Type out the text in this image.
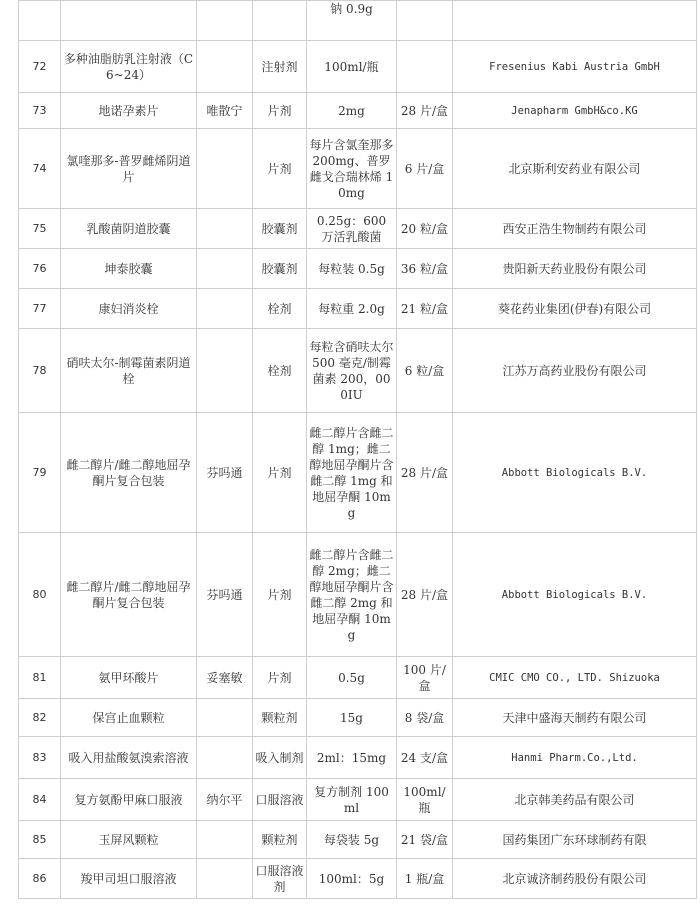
				钠 0.9g		
72	多种油脂肪乳注射液（C6~24）		注射剂	100ml/瓶		Fresenius Kabi Austria GmbH
73	地诺孕素片	唯散宁	片剂	2mg	28 片/盒	Jenapharm GmbH&co.KG
74	氯喹那多-普罗雌烯阴道片		片剂	每片含氯奎那多 200mg、普罗雌戈合瑞林烯 10mg	6 片/盒	北京斯利安药业有限公司
75	乳酸菌阴道胶囊		胶囊剂	0.25g：600 万活乳酸菌	20 粒/盒	西安正浩生物制药有限公司
76	坤泰胶囊		胶囊剂	每粒装 0.5g	36 粒/盒	贵阳新天药业股份有限公司
77	康妇消炎栓		栓剂	每粒重 2.0g	21 粒/盒	葵花药业集团(伊春)有限公司
78	硝呋太尔-制霉菌素阴道栓		栓剂	每粒含硝呋太尔 500 毫克/制霉菌素 200，000IU	6 粒/盒	江苏万高药业股份有限公司
79	雌二醇片/雌二醇地屈孕酮片复合包装	芬吗通	片剂	雌二醇片含雌二醇 1mg；雌二醇地屈孕酮片含雌二醇 1mg 和地屈孕酮 10mg	28 片/盒	Abbott Biologicals B.V.
80	雌二醇片/雌二醇地屈孕酮片复合包装	芬吗通	片剂	雌二醇片含雌二醇 2mg；雌二醇地屈孕酮片含雌二醇 2mg 和地屈孕酮 10mg	28 片/盒	Abbott Biologicals B.V.
81	氨甲环酸片	妥塞敏	片剂	0.5g	100 片/盒	CMIC CMO CO., LTD. Shizuoka
82	保宫止血颗粒		颗粒剂	15g	8 袋/盒	天津中盛海天制药有限公司
83	吸入用盐酸氨溴索溶液		吸入制剂	2ml：15mg	24 支/盒	Hanmi Pharm.Co.,Ltd.
84	复方氨酚甲麻口服液	纳尔平	口服溶液	复方制剂 100ml	100ml/瓶	北京韩美药品有限公司
85	玉屏风颗粒		颗粒剂	每袋装 5g	21 袋/盒	国药集团广东环球制药有限
86	羧甲司坦口服溶液		口服溶液剂	100ml：5g	1 瓶/盒	北京诚济制药股份有限公司
